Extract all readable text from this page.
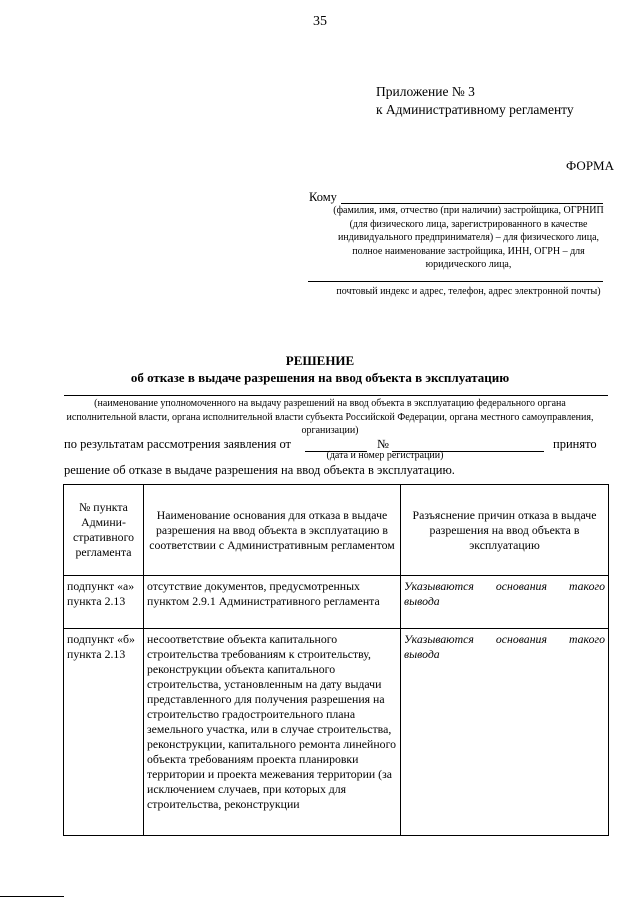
35
Приложение № 3
к Административному регламенту
ФОРМА
Кому
(фамилия, имя, отчество (при наличии) застройщика, ОГРНИП (для физического лица, зарегистрированного в качестве индивидуального предпринимателя) – для физического лица, полное наименование застройщика, ИНН, ОГРН – для юридического лица,
почтовый индекс и адрес, телефон, адрес электронной почты)
РЕШЕНИЕ
об отказе в выдаче разрешения на ввод объекта в эксплуатацию
(наименование уполномоченного на выдачу разрешений на ввод объекта в эксплуатацию федерального органа исполнительной власти, органа исполнительной власти субъекта Российской Федерации, органа местного самоуправления, организации)
по результатам рассмотрения заявления от	№	принято
(дата и номер регистрации)
решение об отказе в выдаче разрешения на ввод объекта в эксплуатацию.
№ пункта Админи-стративного регламента	Наименование основания для отказа в выдаче разрешения на ввод объекта в эксплуатацию в соответствии с Административным регламентом	Разъяснение причин отказа в выдаче разрешения на ввод объекта в эксплуатацию
подпункт «а» пункта 2.13	отсутствие документов, предусмотренных пунктом 2.9.1 Административного регламента	Указываются основания такого вывода
подпункт «б» пункта 2.13	несоответствие объекта капитального строительства требованиям к строительству, реконструкции объекта капитального строительства, установленным на дату выдачи представленного для получения разрешения на строительство градостроительного плана земельного участка, или в случае строительства, реконструкции, капитального ремонта линейного объекта требованиям проекта планировки территории и проекта межевания территории (за исключением случаев, при которых для строительства, реконструкции	Указываются основания такого вывода
